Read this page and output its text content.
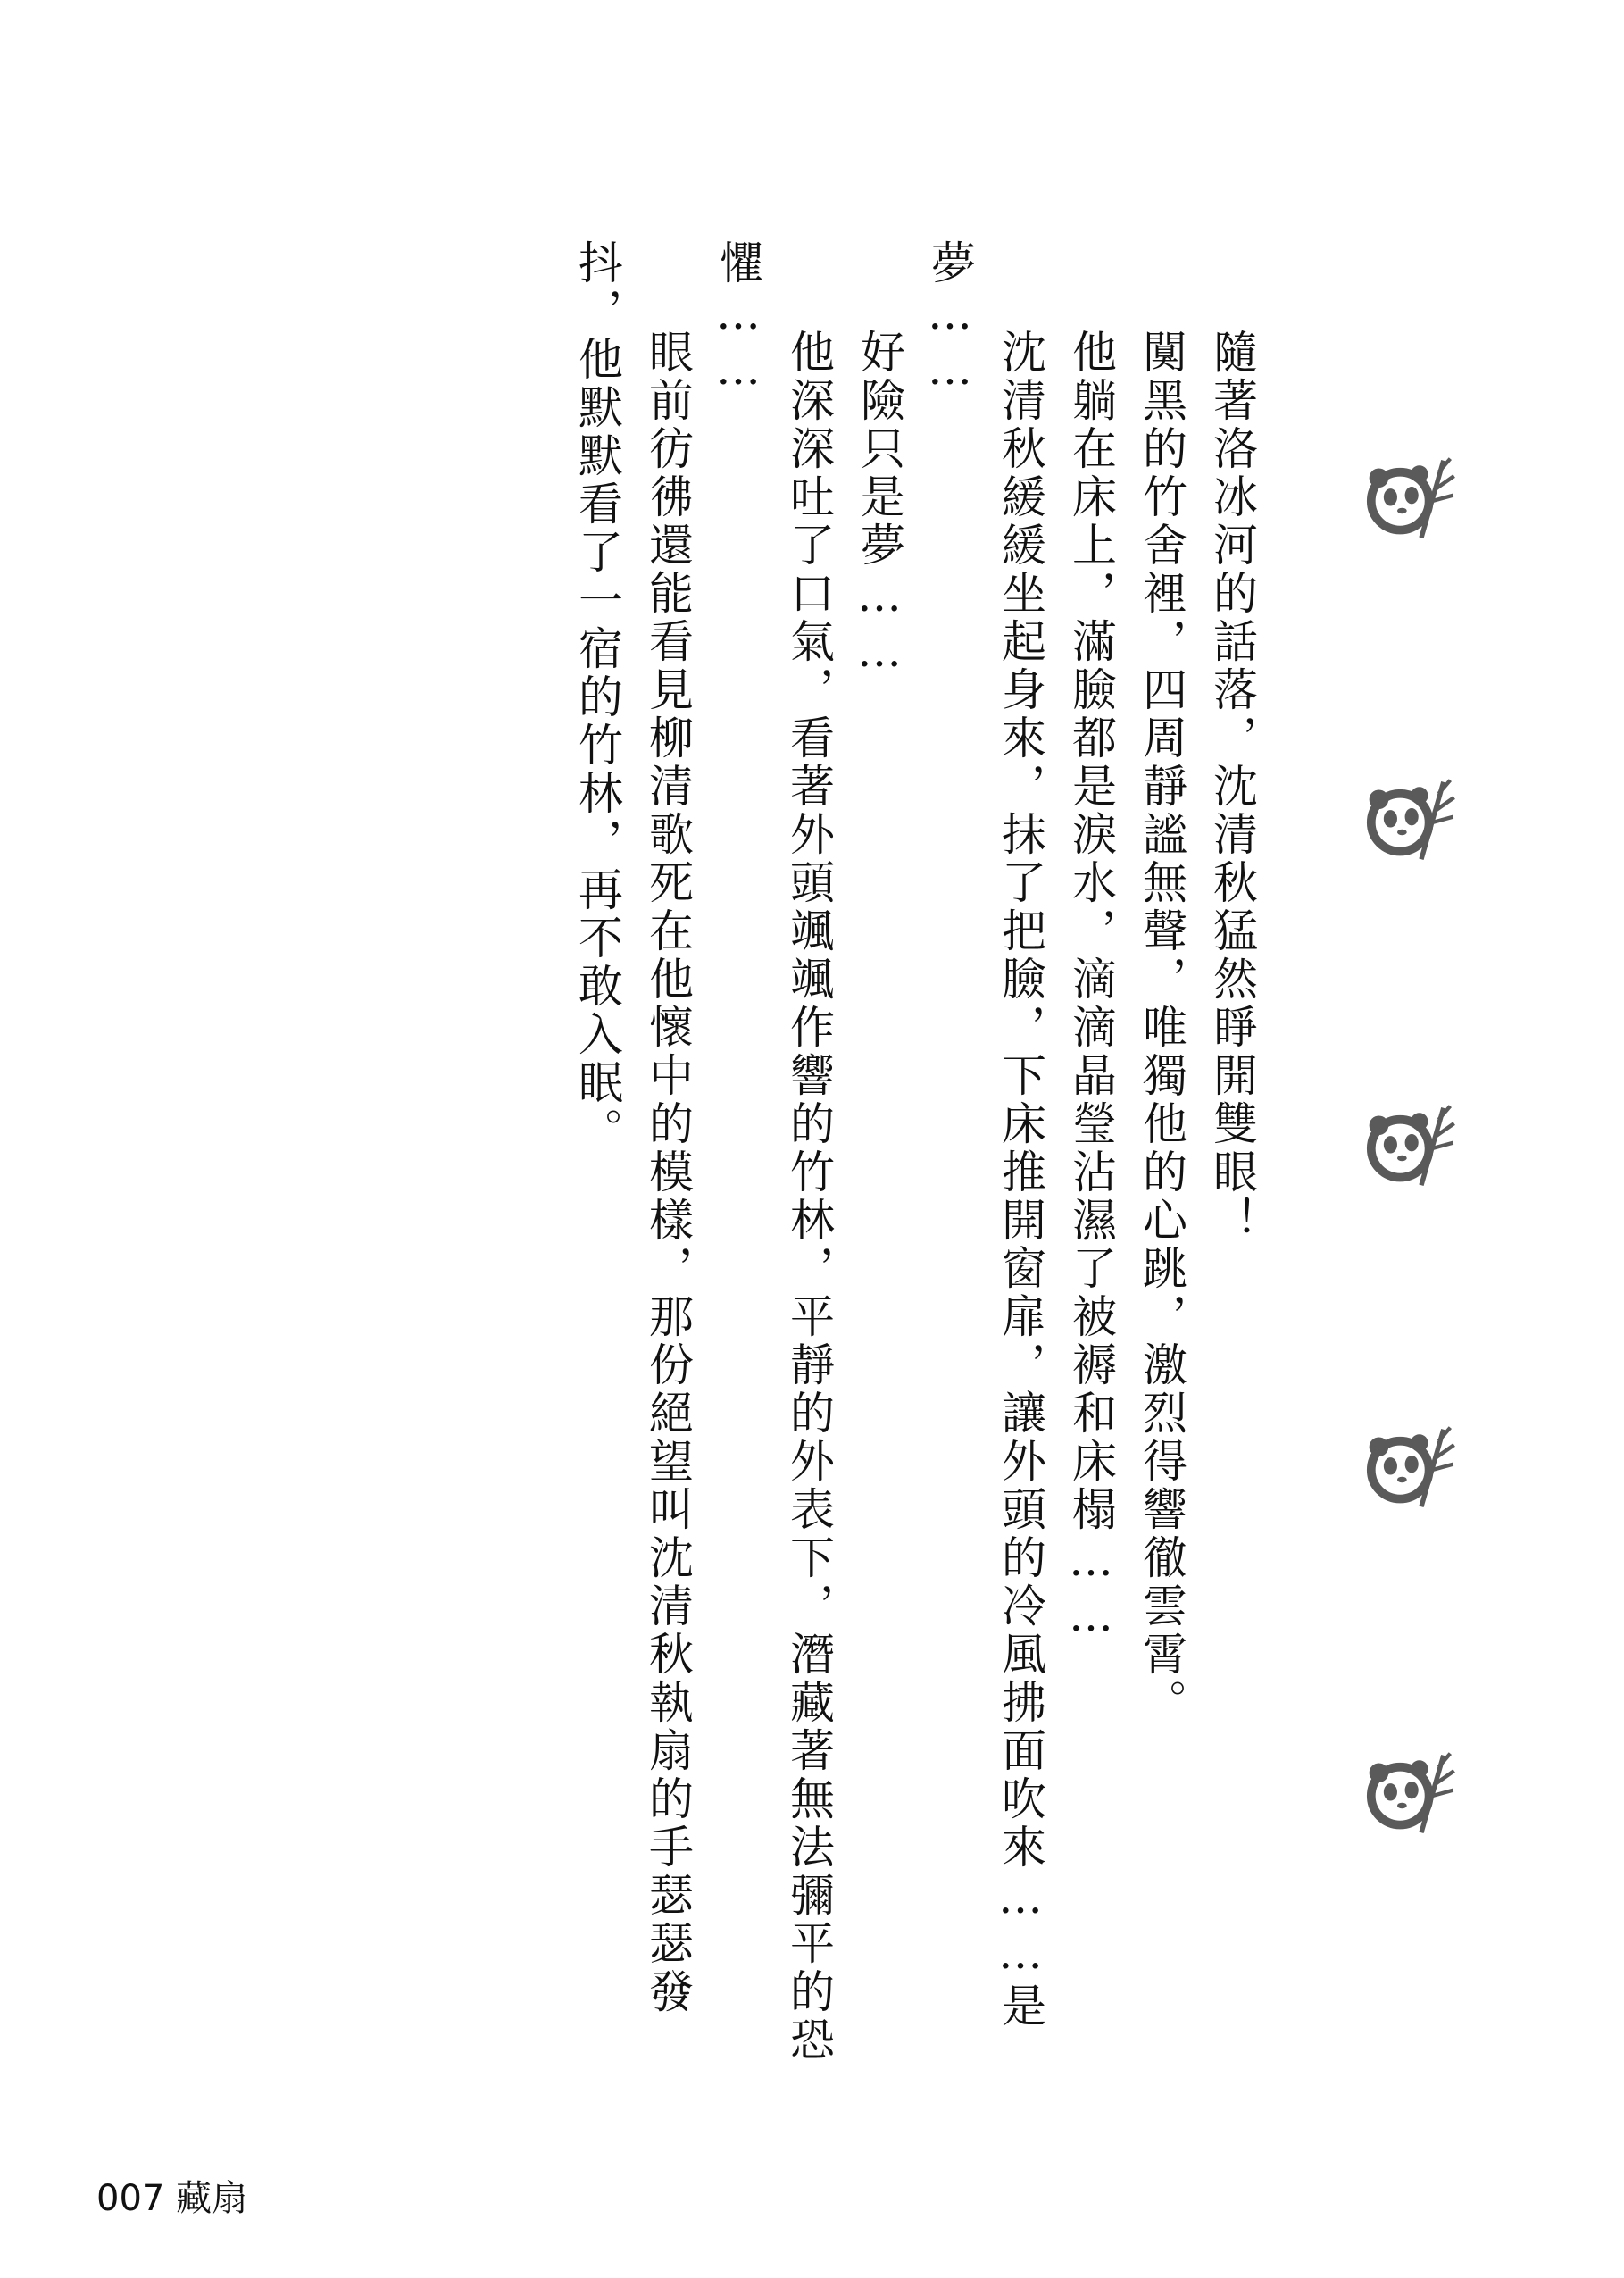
隨著洛冰河的話落，沈清秋猛然睜開雙眼！

闃黑的竹舍裡，四周靜謐無聲，唯獨他的心跳，激烈得響徹雲霄。

他躺在床上，滿臉都是淚水，滴滴晶瑩沾濕了被褥和床榻……

沈清秋緩緩坐起身來，抹了把臉，下床推開窗扉，讓外頭的冷風拂面吹來……是夢……

好險只是夢……

他深深吐了口氣，看著外頭颯颯作響的竹林，平靜的外表下，潛藏著無法彌平的恐懼……

眼前彷彿還能看見柳清歌死在他懷中的模樣，那份絕望叫沈清秋執扇的手瑟瑟發抖，他默默看了一宿的竹林，再不敢入眠。

007 藏扇
